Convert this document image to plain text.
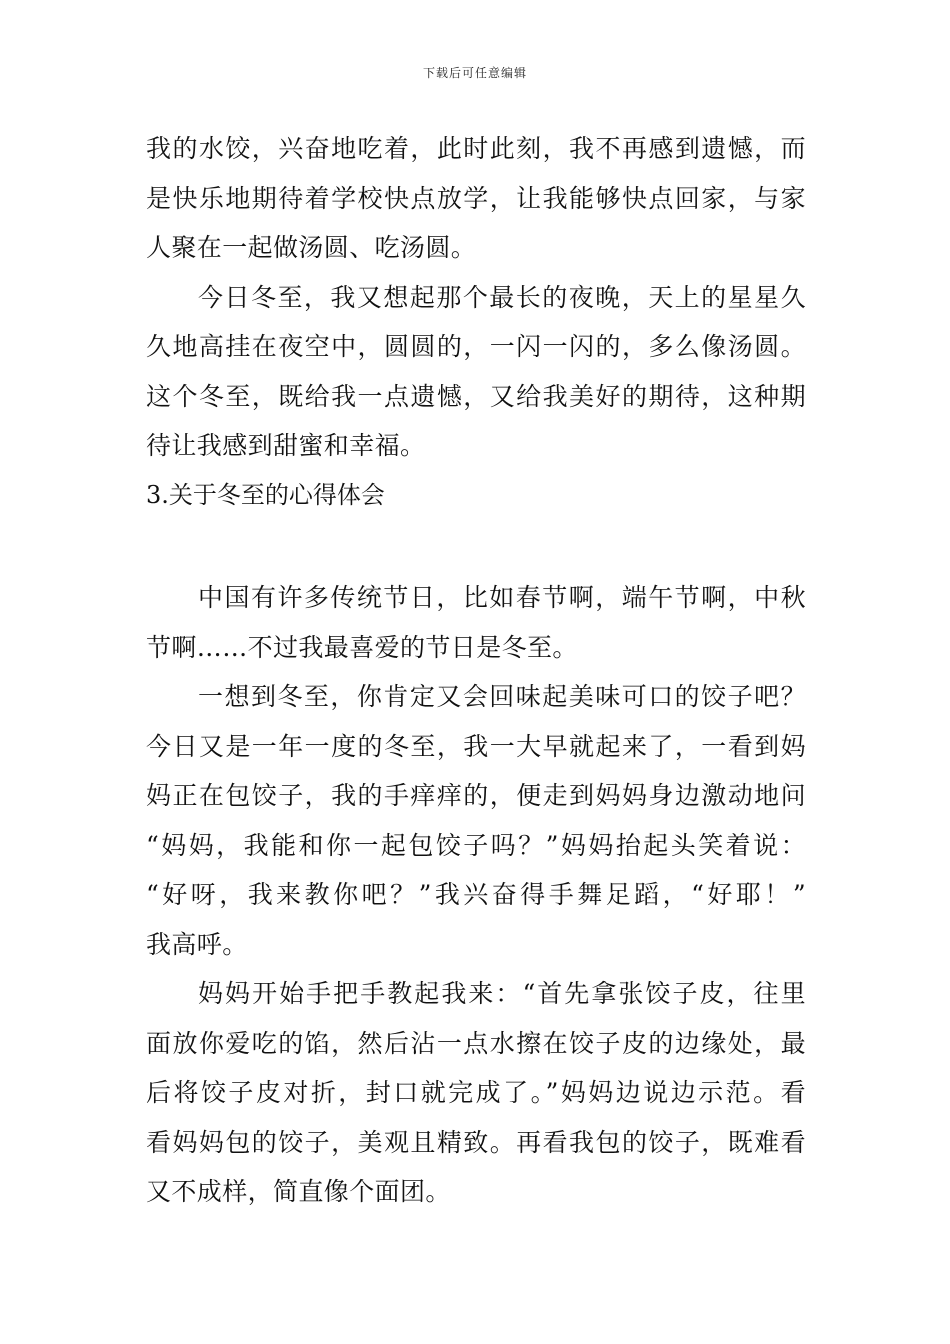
下载后可任意编辑
我的水饺，兴奋地吃着，此时此刻，我不再感到遗憾，而
是快乐地期待着学校快点放学，让我能够快点回家，与家
人聚在一起做汤圆、吃汤圆。
今日冬至，我又想起那个最长的夜晚，天上的星星久
久地高挂在夜空中，圆圆的，一闪一闪的，多么像汤圆。
这个冬至，既给我一点遗憾，又给我美好的期待，这种期
待让我感到甜蜜和幸福。
3.关于冬至的心得体会
中国有许多传统节日，比如春节啊，端午节啊，中秋
节啊……不过我最喜爱的节日是冬至。
一想到冬至，你肯定又会回味起美味可口的饺子吧？
今日又是一年一度的冬至，我一大早就起来了，一看到妈
妈正在包饺子，我的手痒痒的，便走到妈妈身边激动地问
“妈妈，我能和你一起包饺子吗？”妈妈抬起头笑着说：
“好呀，我来教你吧？”我兴奋得手舞足蹈，“好耶！”
我高呼。
妈妈开始手把手教起我来：“首先拿张饺子皮，往里
面放你爱吃的馅，然后沾一点水擦在饺子皮的边缘处，最
后将饺子皮对折，封口就完成了。”妈妈边说边示范。看
看妈妈包的饺子，美观且精致。再看我包的饺子，既难看
又不成样，简直像个面团。
